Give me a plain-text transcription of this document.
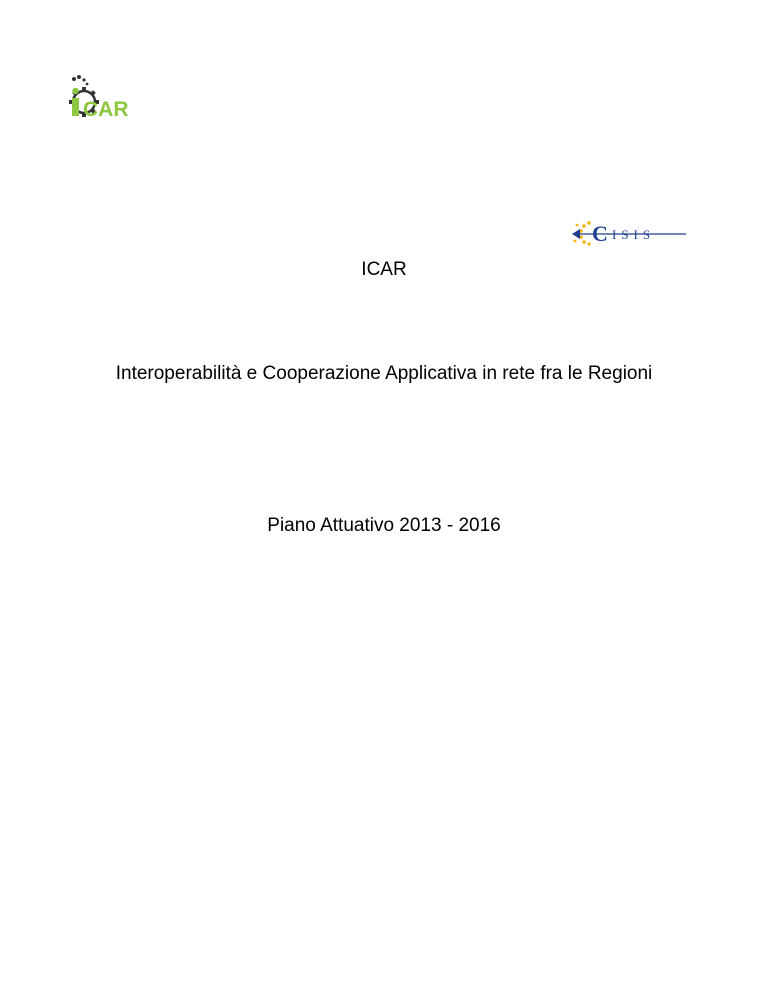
CAR
C ISIS
ICAR
Interoperabilità e Cooperazione Applicativa in rete fra le Regioni
Piano Attuativo 2013 - 2016
